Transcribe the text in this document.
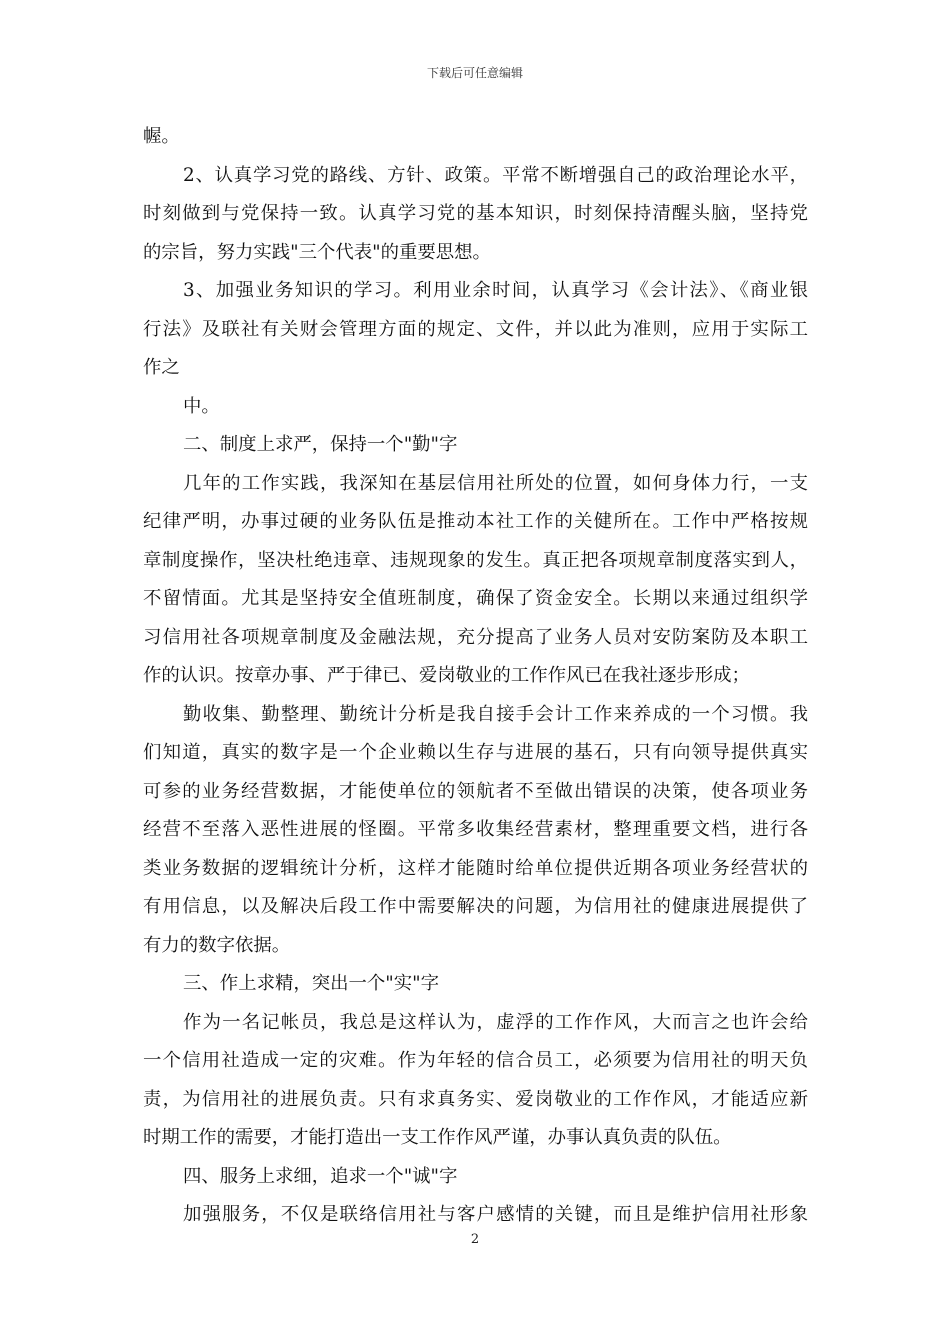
下载后可任意编辑
幄。
2、认真学习党的路线、方针、政策。平常不断增强自己的政治理论水平，
时刻做到与党保持一致。认真学习党的基本知识，时刻保持清醒头脑，坚持党
的宗旨，努力实践"三个代表"的重要思想。
3、加强业务知识的学习。利用业余时间，认真学习《会计法》、《商业银
行法》及联社有关财会管理方面的规定、文件，并以此为准则，应用于实际工
作之
中。
二、制度上求严，保持一个"勤"字
几年的工作实践，我深知在基层信用社所处的位置，如何身体力行，一支
纪律严明，办事过硬的业务队伍是推动本社工作的关健所在。工作中严格按规
章制度操作，坚决杜绝违章、违规现象的发生。真正把各项规章制度落实到人，
不留情面。尤其是坚持安全值班制度，确保了资金安全。长期以来通过组织学
习信用社各项规章制度及金融法规，充分提高了业务人员对安防案防及本职工
作的认识。按章办事、严于律已、爱岗敬业的工作作风已在我社逐步形成；
勤收集、勤整理、勤统计分析是我自接手会计工作来养成的一个习惯。我
们知道，真实的数字是一个企业赖以生存与进展的基石，只有向领导提供真实
可参的业务经营数据，才能使单位的领航者不至做出错误的决策，使各项业务
经营不至落入恶性进展的怪圈。平常多收集经营素材，整理重要文档，进行各
类业务数据的逻辑统计分析，这样才能随时给单位提供近期各项业务经营状的
有用信息，以及解决后段工作中需要解决的问题，为信用社的健康进展提供了
有力的数字依据。
三、作上求精，突出一个"实"字
作为一名记帐员，我总是这样认为，虚浮的工作作风，大而言之也许会给
一个信用社造成一定的灾难。作为年轻的信合员工，必须要为信用社的明天负
责，为信用社的进展负责。只有求真务实、爱岗敬业的工作作风，才能适应新
时期工作的需要，才能打造出一支工作作风严谨，办事认真负责的队伍。
四、服务上求细，追求一个"诚"字
加强服务，不仅是联络信用社与客户感情的关键，而且是维护信用社形象
2
